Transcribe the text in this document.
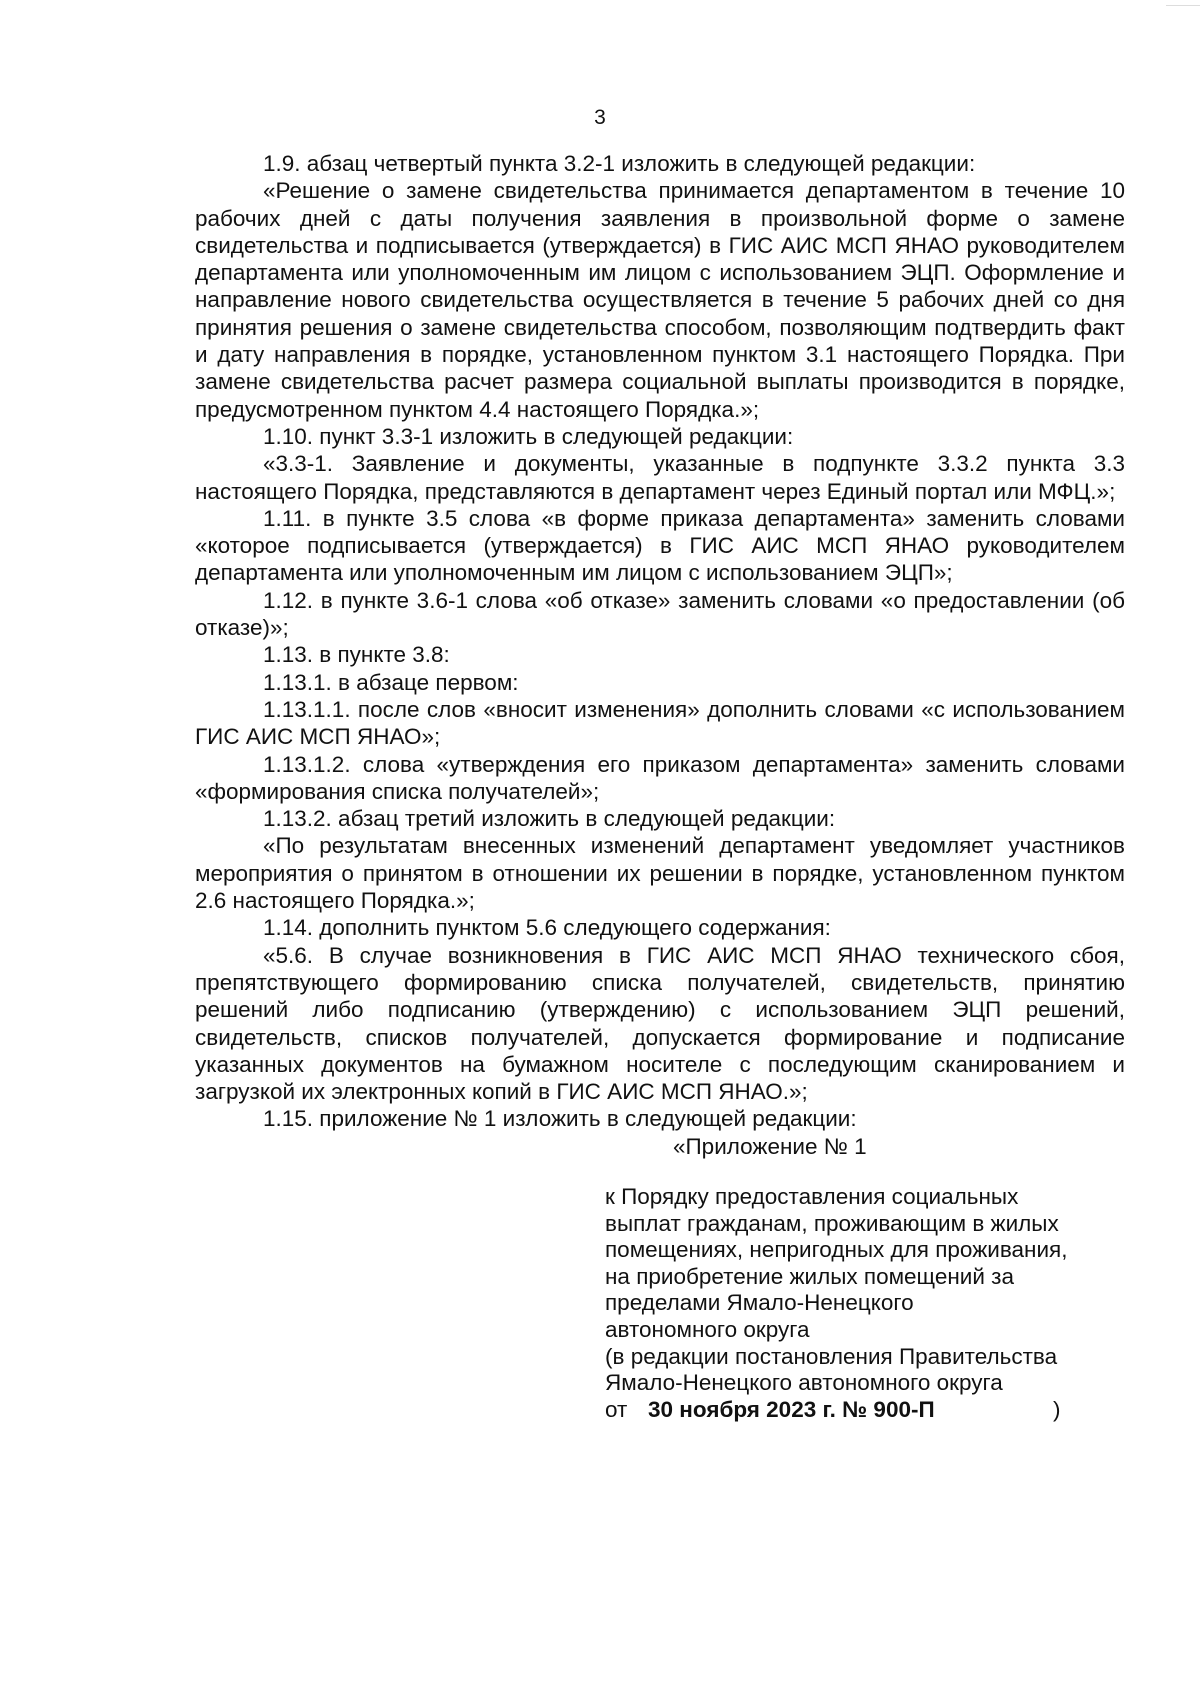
3

1.9. абзац четвертый пункта 3.2-1 изложить в следующей редакции:

«Решение о замене свидетельства принимается департаментом в течение 10 рабочих дней с даты получения заявления в произвольной форме о замене свидетельства и подписывается (утверждается) в ГИС АИС МСП ЯНАО руководителем департамента или уполномоченным им лицом с использованием ЭЦП. Оформление и направление нового свидетельства осуществляется в течение 5 рабочих дней со дня принятия решения о замене свидетельства способом, позволяющим подтвердить факт и дату направления в порядке, установленном пунктом 3.1 настоящего Порядка. При замене свидетельства расчет размера социальной выплаты производится в порядке, предусмотренном пунктом 4.4 настоящего Порядка.»;

1.10. пункт 3.3-1 изложить в следующей редакции:

«3.3-1. Заявление и документы, указанные в подпункте 3.3.2 пункта 3.3 настоящего Порядка, представляются в департамент через Единый портал или МФЦ.»;

1.11. в пункте 3.5 слова «в форме приказа департамента» заменить словами «которое подписывается (утверждается) в ГИС АИС МСП ЯНАО руководителем департамента или уполномоченным им лицом с использованием ЭЦП»;

1.12. в пункте 3.6-1 слова «об отказе» заменить словами «о предоставлении (об отказе)»;

1.13. в пункте 3.8:

1.13.1. в абзаце первом:

1.13.1.1. после слов «вносит изменения» дополнить словами «с использованием ГИС АИС МСП ЯНАО»;

1.13.1.2. слова «утверждения его приказом департамента» заменить словами «формирования списка получателей»;

1.13.2. абзац третий изложить в следующей редакции:

«По результатам внесенных изменений департамент уведомляет участников мероприятия о принятом в отношении их решении в порядке, установленном пунктом 2.6 настоящего Порядка.»;

1.14. дополнить пунктом 5.6 следующего содержания:

«5.6. В случае возникновения в ГИС АИС МСП ЯНАО технического сбоя, препятствующего формированию списка получателей, свидетельств, принятию решений либо подписанию (утверждению) с использованием ЭЦП решений, свидетельств, списков получателей, допускается формирование и подписание указанных документов на бумажном носителе с последующим сканированием и загрузкой их электронных копий в ГИС АИС МСП ЯНАО.»;

1.15. приложение № 1 изложить в следующей редакции:

«Приложение № 1

к Порядку предоставления социальных
выплат гражданам, проживающим в жилых
помещениях, непригодных для проживания,
на приобретение жилых помещений за
пределами Ямало-Ненецкого
автономного округа
(в редакции постановления Правительства
Ямало-Ненецкого автономного округа
от 30 ноября 2023 г. № 900-П	)
